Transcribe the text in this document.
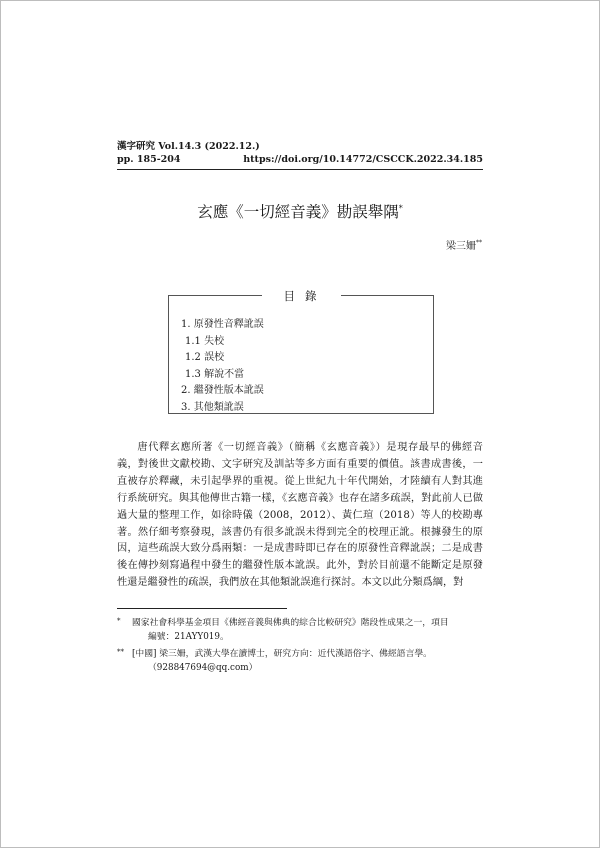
漢字研究 Vol.14.3 (2022.12.)
pp. 185-204	https://doi.org/10.14772/CSCCK.2022.34.185
玄應《一切經音義》勘誤舉隅*
梁三姍**
目錄
1. 原發性音釋訛誤
1.1 失校
1.2 誤校
1.3 解說不當
2. 繼發性版本訛誤
3. 其他類訛誤

唐代釋玄應所著《一切經音義》（簡稱《玄應音義》）是現存最早的佛經音義，對後世文獻校勘、文字研究及訓詁等多方面有重要的價值。該書成書後，一直被存於釋藏，未引起學界的重視。從上世紀九十年代開始，才陸續有人對其進行系統研究。與其他傳世古籍一樣，《玄應音義》也存在諸多疏誤，對此前人已做過大量的整理工作，如徐時儀（2008，2012）、黃仁瑄（2018）等人的校勘專著。然仔細考察發現，該書仍有很多訛誤未得到完全的校理正訛。根據發生的原因，這些疏誤大致分爲兩類：一是成書時即已存在的原發性音釋訛誤；二是成書後在傳抄刻寫過程中發生的繼發性版本訛誤。此外，對於目前還不能斷定是原發性還是繼發性的疏誤，我們放在其他類訛誤進行探討。本文以此分類爲綱，對

*	國家社會科學基金項目《佛經音義與佛典的綜合比較研究》階段性成果之一，項目
編號：21AYY019。
** [中國] 梁三姍，武漢大學在讀博士，研究方向：近代漢語俗字、佛經語言學。
（928847694@qq.com）
